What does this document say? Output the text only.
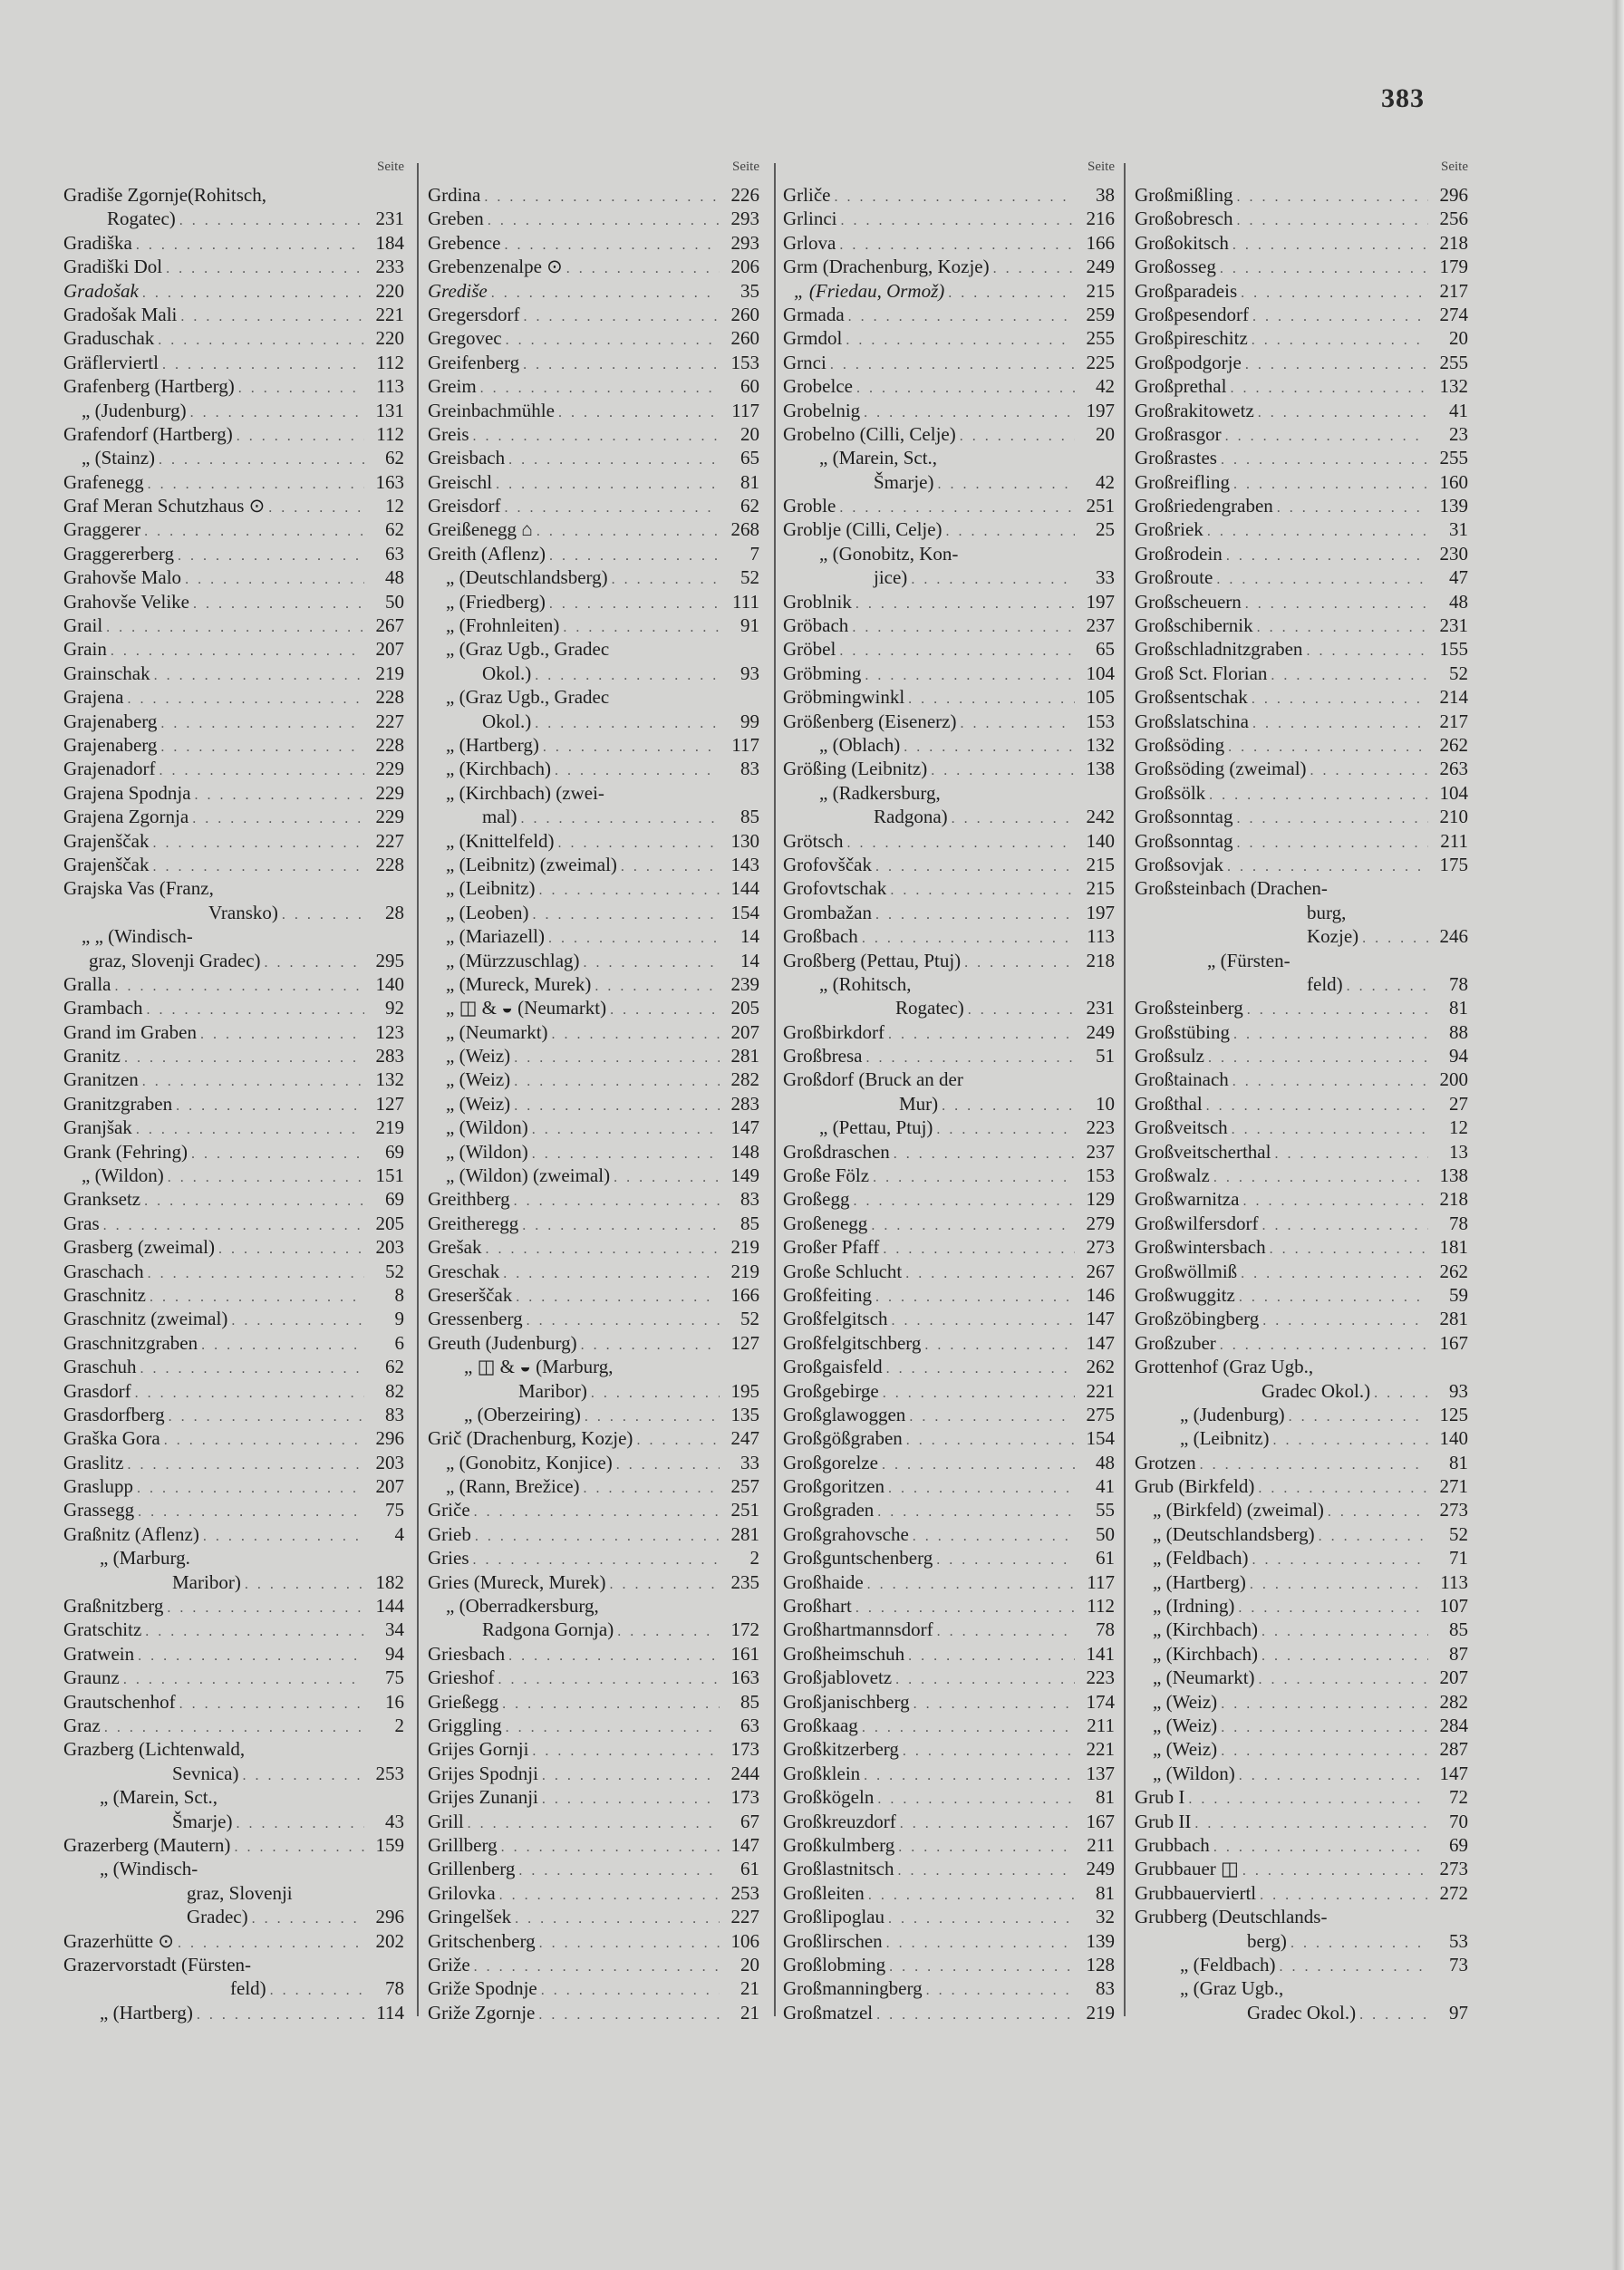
383
Seite
Gradiše Zgornje(Rohitsch,
Rogatec) . . .	231
Gradiška . . .	184
Gradiški Dol . . .	233
Gradošak . . .	220
Gradošak Mali . . .	221
Graduschak . . .	220
Gräflerviertl . . .	112
Grafenberg (Hartberg) . . .	113
„ (Judenburg) . . .	131
Grafendorf (Hartberg) . . .	112
„ (Stainz) . . .	62
Grafenegg . . .	163
Graf Meran Schutzhaus ⊙ . . .	12
Graggerer . . .	62
Graggererberg . . .	63
Grahovše Malo . . .	48
Grahovše Velike . . .	50
Grail . . .	267
Grain . . .	207
Grainschak . . .	219
Grajena . . .	228
Grajenaberg . . .	227
Grajenaberg . . .	228
Grajenadorf . . .	229
Grajena Spodnja . . .	229
Grajena Zgornja . . .	229
Grajenščak . . .	227
Grajenščak . . .	228
Grajska Vas (Franz,
Vransko) . . .	28
„ „ (Windisch-
graz, Slovenji Gradec) . . .	295
Gralla . . .	140
Grambach . . .	92
Grand im Graben . . .	123
Granitz . . .	283
Granitzen . . .	132
Granitzgraben . . .	127
Granjšak . . .	219
Grank (Fehring) . . .	69
„ (Wildon) . . .	151
Granksetz . . .	69
Gras . . .	205
Grasberg (zweimal) . . .	203
Graschach . . .	52
Graschnitz . . .	8
Graschnitz (zweimal) . . .	9
Graschnitzgraben . . .	6
Graschuh . . .	62
Grasdorf . . .	82
Grasdorfberg . . .	83
Graška Gora . . .	296
Graslitz . . .	203
Graslupp . . .	207
Grassegg . . .	75
Graßnitz (Aflenz) . . .	4
„ (Marburg.
Maribor) . . .	182
Graßnitzberg . . .	144
Gratschitz . . .	34
Gratwein . . .	94
Graunz . . .	75
Grautschenhof . . .	16
Graz . . .	2
Grazberg (Lichtenwald,
Sevnica) . . .	253
„ (Marein, Sct.,
Šmarje) . . .	43
Grazerberg (Mautern) . . .	159
„ (Windisch-
graz, Slovenji
Gradec) . . .	296
Grazerhütte ⊙ . . .	202
Grazervorstadt (Fürsten-
feld) . . .	78
„ (Hartberg) . . .	114
Seite
Grdina . . .	226
Greben . . .	293
Grebence . . .	293
Grebenzenalpe ⊙ . . .	206
Grediše . . .	35
Gregersdorf . . .	260
Gregovec . . .	260
Greifenberg . . .	153
Greim . . .	60
Greinbachmühle . . .	117
Greis . . .	20
Greisbach . . .	65
Greischl . . .	81
Greisdorf . . .	62
Greißenegg ⌂ . . .	268
Greith (Aflenz) . . .	7
„ (Deutschlandsberg) . . .	52
„ (Friedberg) . . .	111
„ (Frohnleiten) . . .	91
„ (Graz Ugb., Gradec
Okol.) . . .	93
„ (Graz Ugb., Gradec
Okol.) . . .	99
„ (Hartberg) . . .	117
„ (Kirchbach) . . .	83
„ (Kirchbach) (zwei-
mal) . . .	85
„ (Knittelfeld) . . .	130
„ (Leibnitz) (zweimal) . . .	143
„ (Leibnitz) . . .	144
„ (Leoben) . . .	154
„ (Mariazell) . . .	14
„ (Mürzzuschlag) . . .	14
„ (Mureck, Murek) . . .	239
„ ◫ & ◒ (Neumarkt) . . .	205
„ (Neumarkt) . . .	207
„ (Weiz) . . .	281
„ (Weiz) . . .	282
„ (Weiz) . . .	283
„ (Wildon) . . .	147
„ (Wildon) . . .	148
„ (Wildon) (zweimal) . . .	149
Greithberg . . .	83
Greitheregg . . .	85
Grešak . . .	219
Greschak . . .	219
Greserščak . . .	166
Gressenberg . . .	52
Greuth (Judenburg) . . .	127
„ ◫ & ◒ (Marburg,
Maribor) . . .	195
„ (Oberzeiring) . . .	135
Grič (Drachenburg, Kozje) . . .	247
„ (Gonobitz, Konjice) . . .	33
„ (Rann, Brežice) . . .	257
Griče . . .	251
Grieb . . .	281
Gries . . .	2
Gries (Mureck, Murek) . . .	235
„ (Oberradkersburg,
Radgona Gornja) . . .	172
Griesbach . . .	161
Grieshof . . .	163
Grießegg . . .	85
Griggling . . .	63
Grijes Gornji . . .	173
Grijes Spodnji . . .	244
Grijes Zunanji . . .	173
Grill . . .	67
Grillberg . . .	147
Grillenberg . . .	61
Grilovka . . .	253
Gringelšek . . .	227
Gritschenberg . . .	106
Griže . . .	20
Griže Spodnje . . .	21
Griže Zgornje . . .	21
Seite
Grliče . . .	38
Grlinci . . .	216
Grlova . . .	166
Grm (Drachenburg, Kozje) . . .	249
„ (Friedau, Ormož) . . .	215
Grmada . . .	259
Grmdol . . .	255
Grnci . . .	225
Grobelce . . .	42
Grobelnig . . .	197
Grobelno (Cilli, Celje) . . .	20
„ (Marein, Sct.,
Šmarje) . . .	42
Groble . . .	251
Groblje (Cilli, Celje) . . .	25
„ (Gonobitz, Kon-
jice) . . .	33
Groblnik . . .	197
Gröbach . . .	237
Gröbel . . .	65
Gröbming . . .	104
Gröbmingwinkl . . .	105
Größenberg (Eisenerz) . . .	153
„ (Oblach) . . .	132
Größing (Leibnitz) . . .	138
„ (Radkersburg,
Radgona) . . .	242
Grötsch . . .	140
Grofovščak . . .	215
Grofovtschak . . .	215
Grombažan . . .	197
Großbach . . .	113
Großberg (Pettau, Ptuj) . . .	218
„ (Rohitsch,
Rogatec) . . .	231
Großbirkdorf . . .	249
Großbresa . . .	51
Großdorf (Bruck an der
Mur) . . .	10
„ (Pettau, Ptuj) . . .	223
Großdraschen . . .	237
Große Fölz . . .	153
Großegg . . .	129
Großenegg . . .	279
Großer Pfaff . . .	273
Große Schlucht . . .	267
Großfeiting . . .	146
Großfelgitsch . . .	147
Großfelgitschberg . . .	147
Großgaisfeld . . .	262
Großgebirge . . .	221
Großglawoggen . . .	275
Großgößgraben . . .	154
Großgorelze . . .	48
Großgoritzen . . .	41
Großgraden . . .	55
Großgrahovsche . . .	50
Großguntschenberg . . .	61
Großhaide . . .	117
Großhart . . .	112
Großhartmannsdorf . . .	78
Großheimschuh . . .	141
Großjablovetz . . .	223
Großjanischberg . . .	174
Großkaag . . .	211
Großkitzerberg . . .	221
Großklein . . .	137
Großkögeln . . .	81
Großkreuzdorf . . .	167
Großkulmberg . . .	211
Großlastnitsch . . .	249
Großleiten . . .	81
Großlipoglau . . .	32
Großlirschen . . .	139
Großlobming . . .	128
Großmanningberg . . .	83
Großmatzel . . .	219
Seite
Großmißling . . .	296
Großobresch . . .	256
Großokitsch . . .	218
Großosseg . . .	179
Großparadeis . . .	217
Großpesendorf . . .	274
Großpireschitz . . .	20
Großpodgorje . . .	255
Großprethal . . .	132
Großrakitowetz . . .	41
Großrasgor . . .	23
Großrastes . . .	255
Großreifling . . .	160
Großriedengraben . . .	139
Großriek . . .	31
Großrodein . . .	230
Großroute . . .	47
Großscheuern . . .	48
Großschibernik . . .	231
Großschladnitzgraben . . .	155
Groß Sct. Florian . . .	52
Großsentschak . . .	214
Großslatschina . . .	217
Großsöding . . .	262
Großsöding (zweimal) . . .	263
Großsölk . . .	104
Großsonntag . . .	210
Großsonntag . . .	211
Großsovjak . . .	175
Großsteinbach (Drachen-
burg,
Kozje) . . .	246
„ (Fürsten-
feld) . . .	78
Großsteinberg . . .	81
Großstübing . . .	88
Großsulz . . .	94
Großtainach . . .	200
Großthal . . .	27
Großveitsch . . .	12
Großveitscherthal . . .	13
Großwalz . . .	138
Großwarnitza . . .	218
Großwilfersdorf . . .	78
Großwintersbach . . .	181
Großwöllmiß . . .	262
Großwuggitz . . .	59
Großzöbingberg . . .	281
Großzuber . . .	167
Grottenhof (Graz Ugb.,
Gradec Okol.) . . .	93
„ (Judenburg) . . .	125
„ (Leibnitz) . . .	140
Grotzen . . .	81
Grub (Birkfeld) . . .	271
„ (Birkfeld) (zweimal) . . .	273
„ (Deutschlandsberg) . . .	52
„ (Feldbach) . . .	71
„ (Hartberg) . . .	113
„ (Irdning) . . .	107
„ (Kirchbach) . . .	85
„ (Kirchbach) . . .	87
„ (Neumarkt) . . .	207
„ (Weiz) . . .	282
„ (Weiz) . . .	284
„ (Weiz) . . .	287
„ (Wildon) . . .	147
Grub I . . .	72
Grub II . . .	70
Grubbach . . .	69
Grubbauer ◫ . . .	273
Grubbauerviertl . . .	272
Grubberg (Deutschlands-
berg) . . .	53
„ (Feldbach) . . .	73
„ (Graz Ugb.,
Gradec Okol.) . . .	97
